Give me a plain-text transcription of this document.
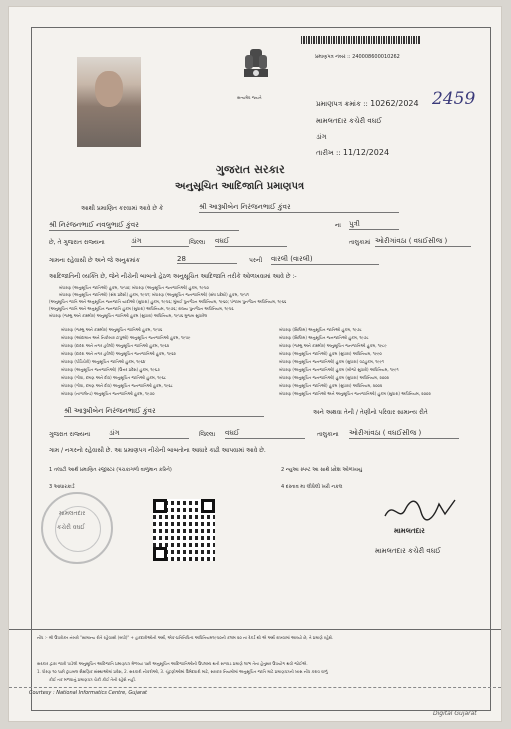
પ્રમાણપત્ર નંબર :: 240008600010262
સત્યમેવ જયતે
પ્રમાણપત્ર ક્રમાંક :: 10262/2024 2459
મામલતદાર કચેરી વઘઈ
ડાંગ
તારીખ :: 11/12/2024
ગુજરાત સરકાર
અનુસૂચિત આદિજાતિ પ્રમાણપત્ર
આથી પ્રમાણિત કરવામાં આવે છે કે	શ્રી આરૂષીબેન નિરંજનભાઈ કુંવર
શ્રી નિરંજનભાઈ નવલુભાઈ કુંવર	ના પુત્રી
છે, તે ગુજરાત રાજ્યના	ડાંગ	જિલ્લા વઘઈ	તાલુકામાં ઓરીગાંવઠા ( વઘઈસીજ )
ગામના રહેવાસી છે અને જે અનુક્રમાંક	28	પરની વારલી (વારલી)
આદિજાતિની વ્યક્તિ છે, જેને નીચેની બાબતો હેઠળ અનુસૂચિત આદિજાતિ તરીકે ઓળખવામાં આવે છે :-
બંધારણ (અનુસૂચિત જાતિઓ) હુકમ, ૧૯૫૦; બંધારણ (અનુસૂચિત જનજાતિઓ) હુકમ, ૧૯૫૦
બંધારણ (અનુસૂચિત જાતિઓ) (સંઘ પ્રદેશો) હુકમ, ૧૯૫૧; બંધારણ (અનુસૂચિત જનજાતિઓ) (સંઘ પ્રદેશો) હુકમ, ૧૯૫૧
(અનુસૂચિત જાતિ અને અનુસૂચિત જનજાતિ યાદીઓ (સુધારા) હુકમ, ૧૯૫૬; મુંબઈ પુનર્ગઠન અધિનિયમ, ૧૯૬૦; પંજાબ પુનર્ગઠન અધિનિયમ, ૧૯૬૬
(અનુસૂચિત જાતિ અને અનુસૂચિત જનજાતિ હુકમ (સુધારા) અધિનિયમ, ૧૯૭૬; રાજ્ય પુનર્ગઠન અધિનિયમ, ૧૯૫૬
બંધારણ (જમ્મુ અને કાશ્મીર) અનુસૂચિત જાતિઓ હુકમ (સુધારા) અધિનિયમ, ૧૯૫૬ મુજબ સુધારેલ
બંધારણ (જમ્મુ અને કાશ્મીર) અનુસૂચિત જાતિઓ હુકમ, ૧૯૫૬
બંધારણ (આંદામાન અને નિકોબાર ટાપુઓ) અનુસૂચિત જનજાતિઓ હુકમ, ૧૯૫૯
બંધારણ (દાદરા અને નગર હવેલી) અનુસૂચિત જાતિઓ હુકમ, ૧૯૬૨
બંધારણ (દાદરા અને નગર હવેલી) અનુસૂચિત જનજાતિઓ હુકમ, ૧૯૬૨
બંધારણ (પોંડિચેરી) અનુસૂચિત જાતિઓ હુકમ, ૧૯૬૪
બંધારણ (અનુસૂચિત જનજાતિઓ) (ઉત્તર પ્રદેશ) હુકમ, ૧૯૬૭
બંધારણ (ગોવા, દમણ અને દીવ) અનુસૂચિત જાતિઓ હુકમ, ૧૯૬૮
બંધારણ (ગોવા, દમણ અને દીવ) અનુસૂચિત જનજાતિઓ હુકમ, ૧૯૬૮
બંધારણ (નાગાલેન્ડ) અનુસૂચિત જનજાતિઓ હુકમ, ૧૯૭૦
બંધારણ (સિક્કિમ) અનુસૂચિત જાતિઓ હુકમ, ૧૯૭૮
બંધારણ (સિક્કિમ) અનુસૂચિત જનજાતિઓ હુકમ, ૧૯૭૮
બંધારણ (જમ્મુ અને કાશ્મીર) અનુસૂચિત જનજાતિઓ હુકમ, ૧૯૮૯
બંધારણ (અનુસૂચિત જાતિઓ) હુકમ (સુધારા) અધિનિયમ, ૧૯૯૦
બંધારણ (અનુસૂચિત જનજાતિઓ) હુકમ (સુધારા) વટહુકમ, ૧૯૯૧
બંધારણ (અનુસૂચિત જનજાતિઓ) હુકમ (બીજો સુધારો) અધિનિયમ, ૧૯૯૧
બંધારણ (અનુસૂચિત જનજાતિઓ) હુકમ (સુધારા) અધિનિયમ, ૨૦૦૨
બંધારણ (અનુસૂચિત જાતિઓ) હુકમ (સુધારા) અધિનિયમ, ૨૦૦૨
બંધારણ (અનુસૂચિત જાતિઓ અને અનુસૂચિત જનજાતિઓ) હુકમ (સુધારા) અધિનિયમ, ૨૦૦૨
શ્રી આરૂષીબેન નિરંજનભાઈ કુંવર	અને અથવા તેની / તેણીનો પરિવાર સામાન્ય રીતે
ગુજરાત રાજ્યના	ડાંગ	જિલ્લા વઘઈ	તાલુકાના ઓરીગાંવઠા ( વઘઈસીજ )
ગામ / નગરનો રહેવાસી છે. આ પ્રમાણપત્ર નીચેની બાબતોના આધારે કાઢી આપવામાં આવે છે.
1 તલાટી આર્થ પ્રમાણિત રજીસ્ટર (પંચકાગળો વાળુમાન કરિને)	2 ન્યુઆ સ્પષ્ટ આ સાથે પ્રદેશ ઓળખાયું
3 આધારકાર્ડ	4 દસ્તાવ મા લીધેલી ખરી નકલ
મામલતદાર
કચેરી વઘઈ	મામલતદાર
મામલતદાર કચેરી વઘઈ
નોંધ :- શ્રી ઉપરોક્ત નંબરો "સામાન્ય રીતે રહેવાસી (બધો)" + હકદારીઓની અર્થ, એક-પ્રતિનિધિત્વ અધિનિયમ૧૯૫૦ની કલમ ૨૦ ના રેકર્ડ થી એ અર્થ રાખવામાં આવ્યો છે, તે પ્રમાણે રહેશે.
સરકાર દ્વારા જારી પાડેલી અનુસૂચિત આદિજાતિ પ્રમાણપત્ર મેળવ્યા પછી અનુસૂચિત આદિજાતિઓની ઉપલબ્ધ થતી સગવડ પ્રમાણે લાભ તેના હેતુસર ઉપયોગ થવો જોઈએ.
1. ધોરણ ૧૦ પછી ટ્રાઇબલ શૈક્ષણિક સંસ્થાઓમાં પ્રવેશ, 2. સરકારી નોકરીઓ, 3. ચૂંટણીઓમાં ઉમેદવારી માટે, સરકાર નિયમોમાં અનુસૂચિત જાતિ માટે પ્રમાણપત્રની ખાસ નોંધ કરાવ વાળું
કોઈ તક મળવાનું પ્રમાણપત્ર ચેકી કોઈ તેની રહેશે નહીં.
Courtesy : National Informatics Centre, Gujarat
Digital Gujarat
